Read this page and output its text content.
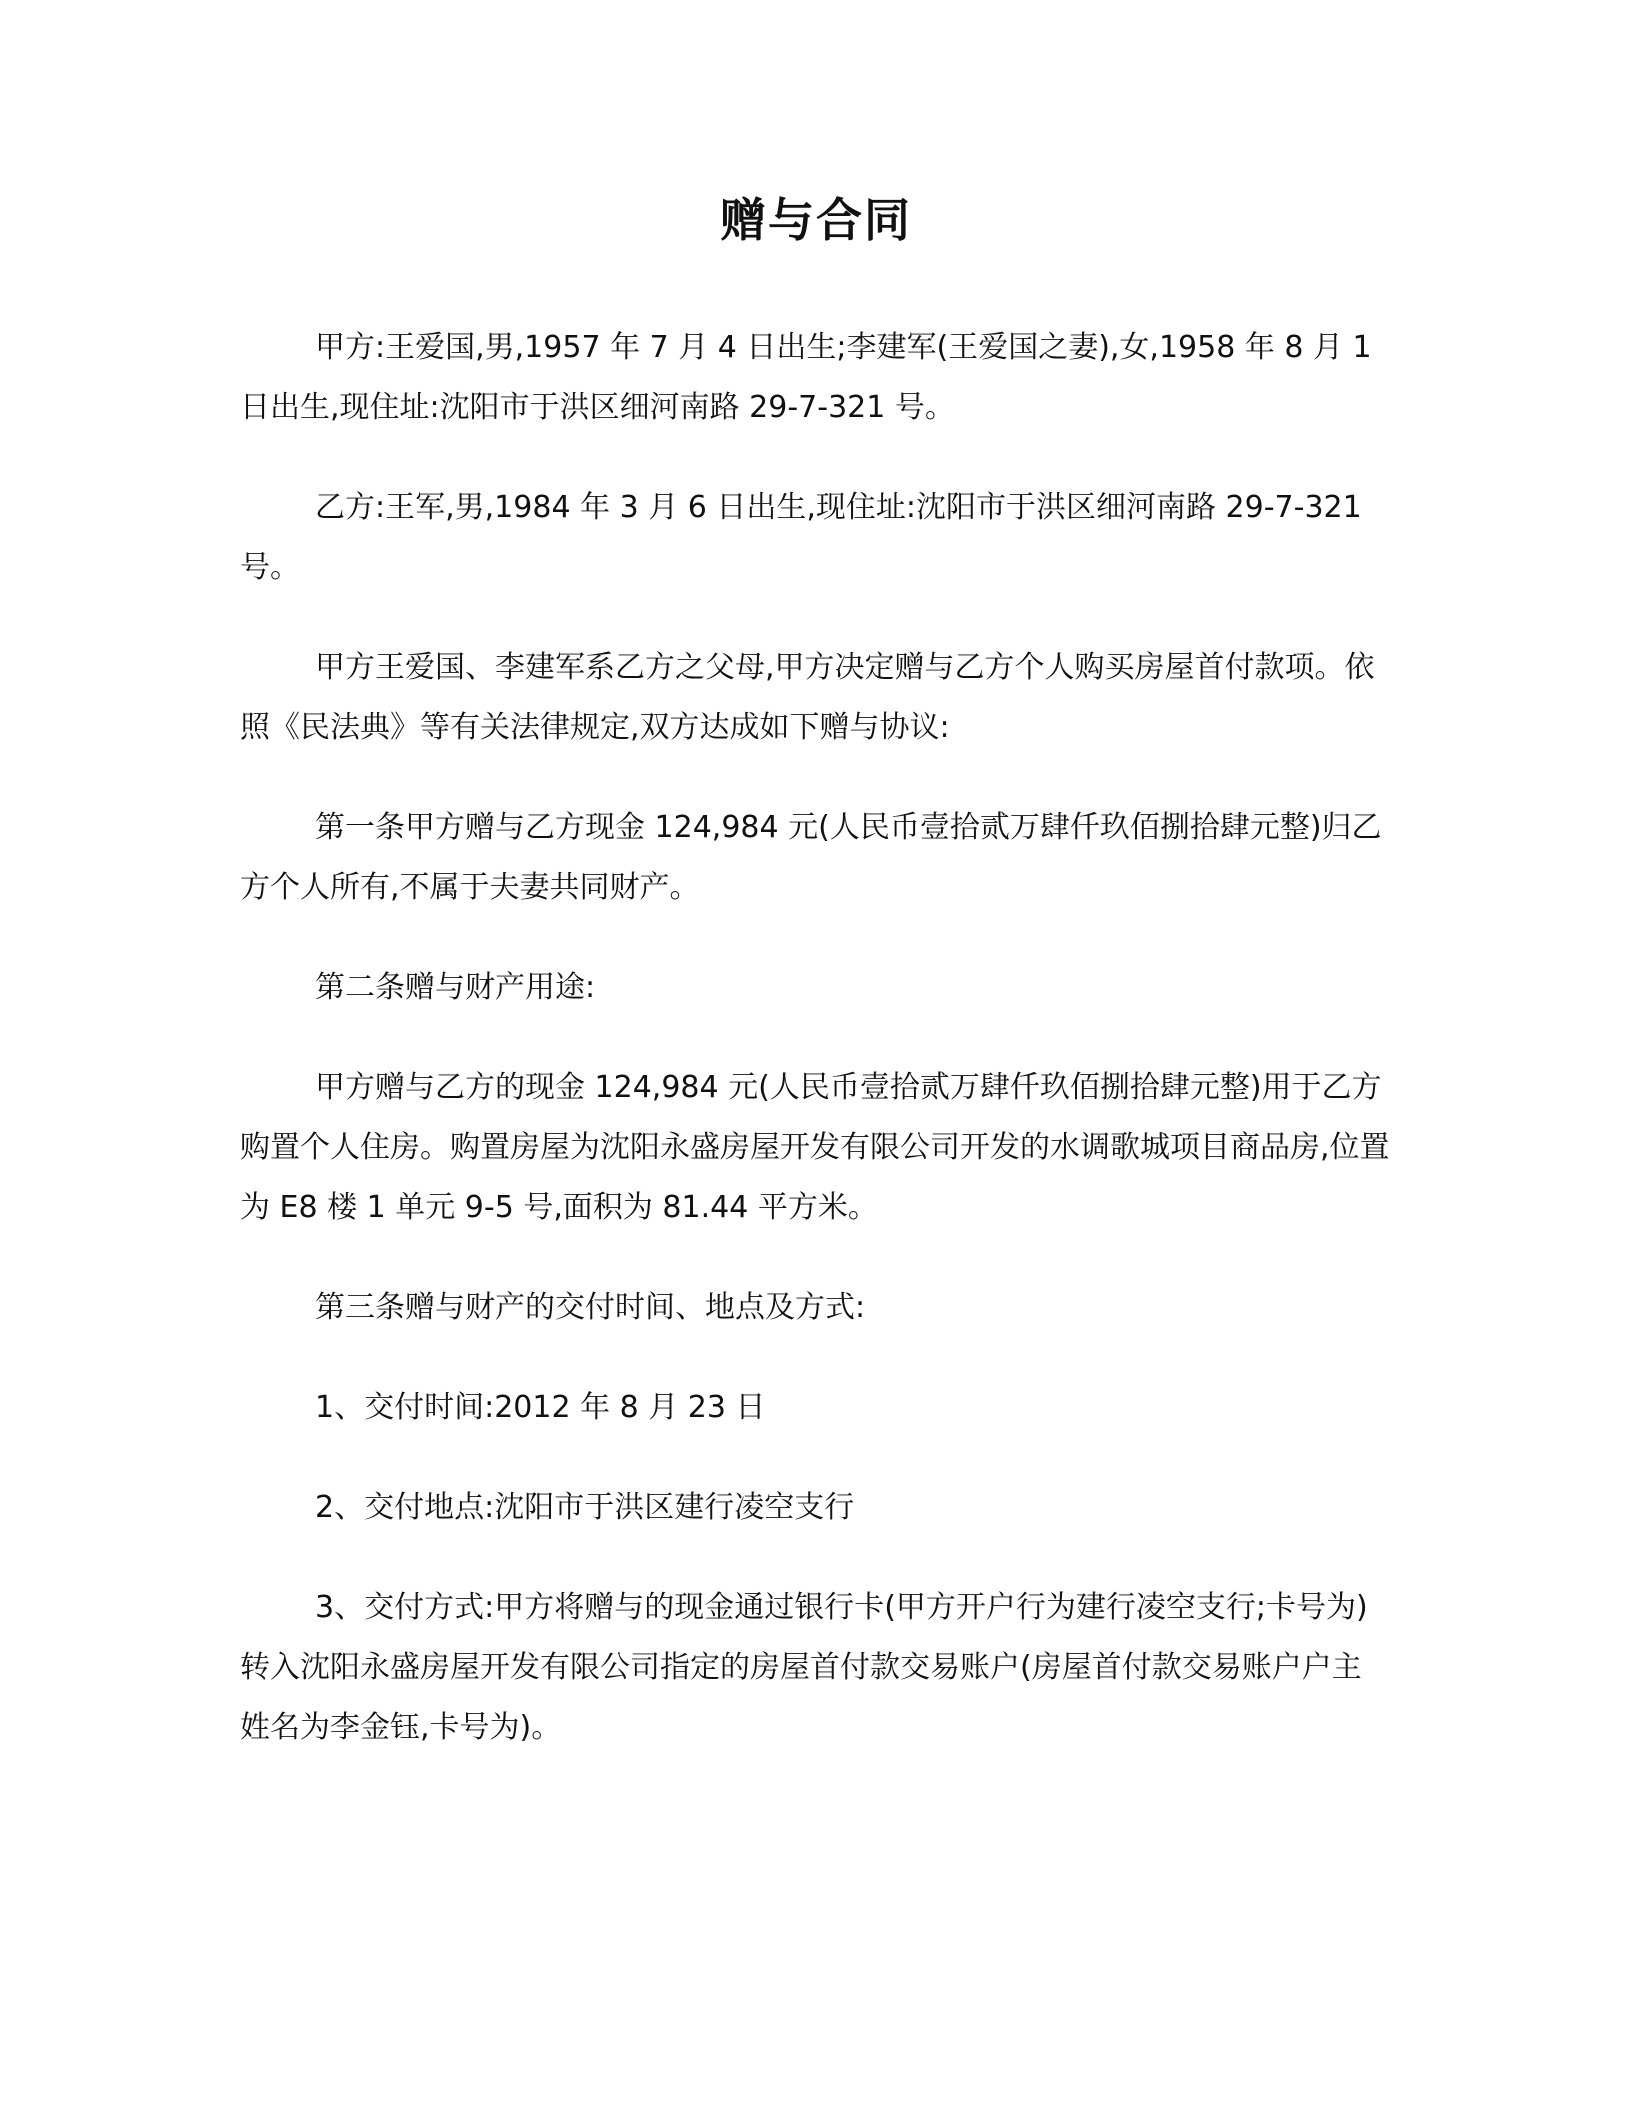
赠与合同

甲方:王爱国,男,1957 年 7 月 4 日出生;李建军(王爱国之妻),女,1958 年 8 月 1 日出生,现住址:沈阳市于洪区细河南路 29-7-321 号。

乙方:王军,男,1984 年 3 月 6 日出生,现住址:沈阳市于洪区细河南路 29-7-321 号。

甲方王爱国、李建军系乙方之父母,甲方决定赠与乙方个人购买房屋首付款项。依照《民法典》等有关法律规定,双方达成如下赠与协议:

第一条甲方赠与乙方现金 124,984 元(人民币壹拾贰万肆仟玖佰捌拾肆元整)归乙方个人所有,不属于夫妻共同财产。

第二条赠与财产用途:

甲方赠与乙方的现金 124,984 元(人民币壹拾贰万肆仟玖佰捌拾肆元整)用于乙方购置个人住房。购置房屋为沈阳永盛房屋开发有限公司开发的水调歌城项目商品房,位置为 E8 楼 1 单元 9-5 号,面积为 81.44 平方米。

第三条赠与财产的交付时间、地点及方式:

1、交付时间:2012 年 8 月 23 日

2、交付地点:沈阳市于洪区建行凌空支行

3、交付方式:甲方将赠与的现金通过银行卡(甲方开户行为建行凌空支行;卡号为)转入沈阳永盛房屋开发有限公司指定的房屋首付款交易账户(房屋首付款交易账户户主姓名为李金钰,卡号为)。
